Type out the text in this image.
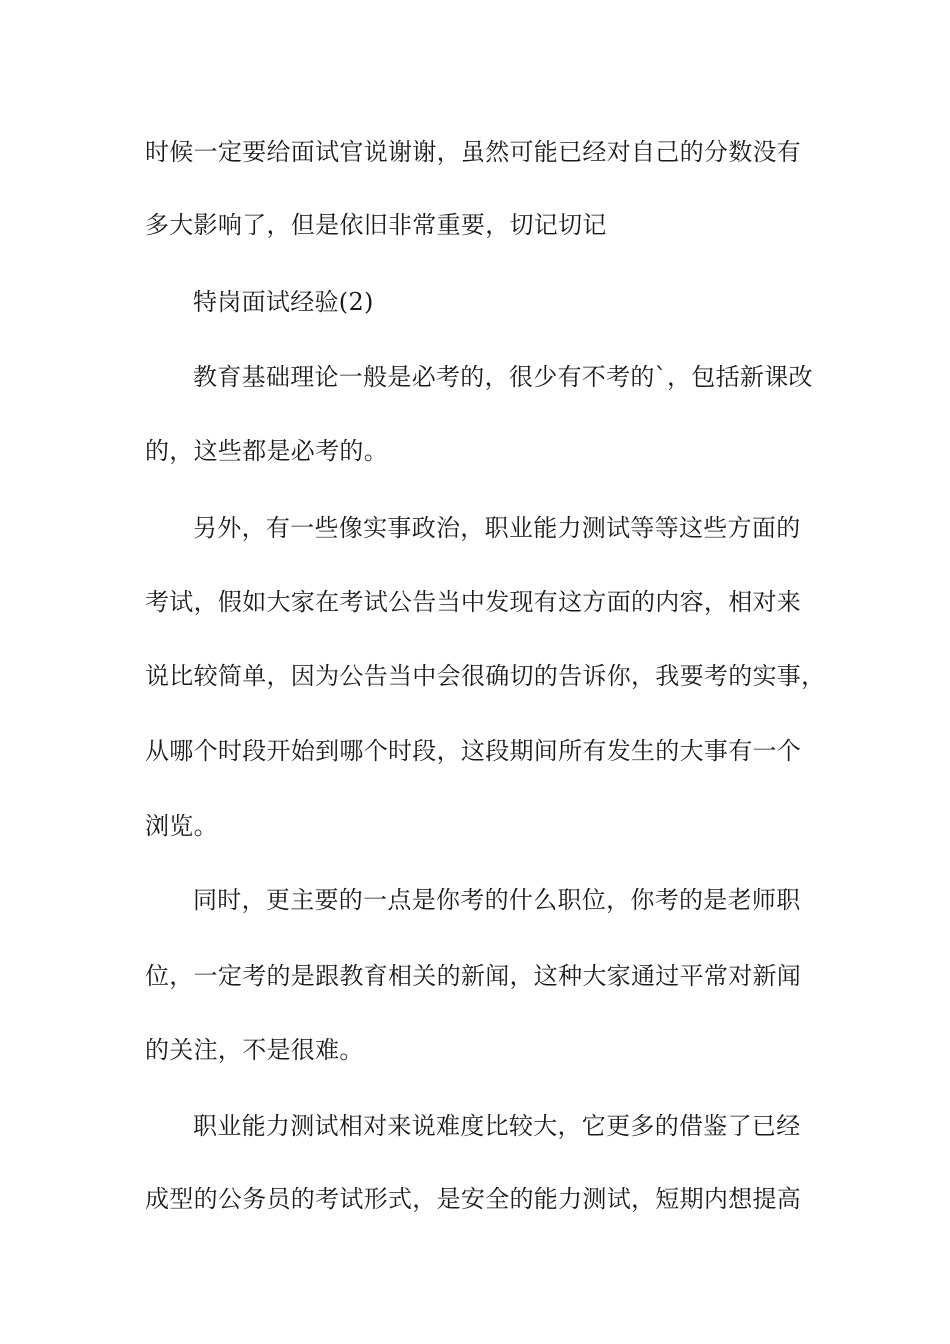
时候一定要给面试官说谢谢，虽然可能已经对自己的分数没有
多大影响了，但是依旧非常重要，切记切记
特岗面试经验(2)
教育基础理论一般是必考的，很少有不考的`，包括新课改
的，这些都是必考的。
另外，有一些像实事政治，职业能力测试等等这些方面的
考试，假如大家在考试公告当中发现有这方面的内容，相对来
说比较简单，因为公告当中会很确切的告诉你，我要考的实事，
从哪个时段开始到哪个时段，这段期间所有发生的大事有一个
浏览。
同时，更主要的一点是你考的什么职位，你考的是老师职
位，一定考的是跟教育相关的新闻，这种大家通过平常对新闻
的关注，不是很难。
职业能力测试相对来说难度比较大，它更多的借鉴了已经
成型的公务员的考试形式，是安全的能力测试，短期内想提高
